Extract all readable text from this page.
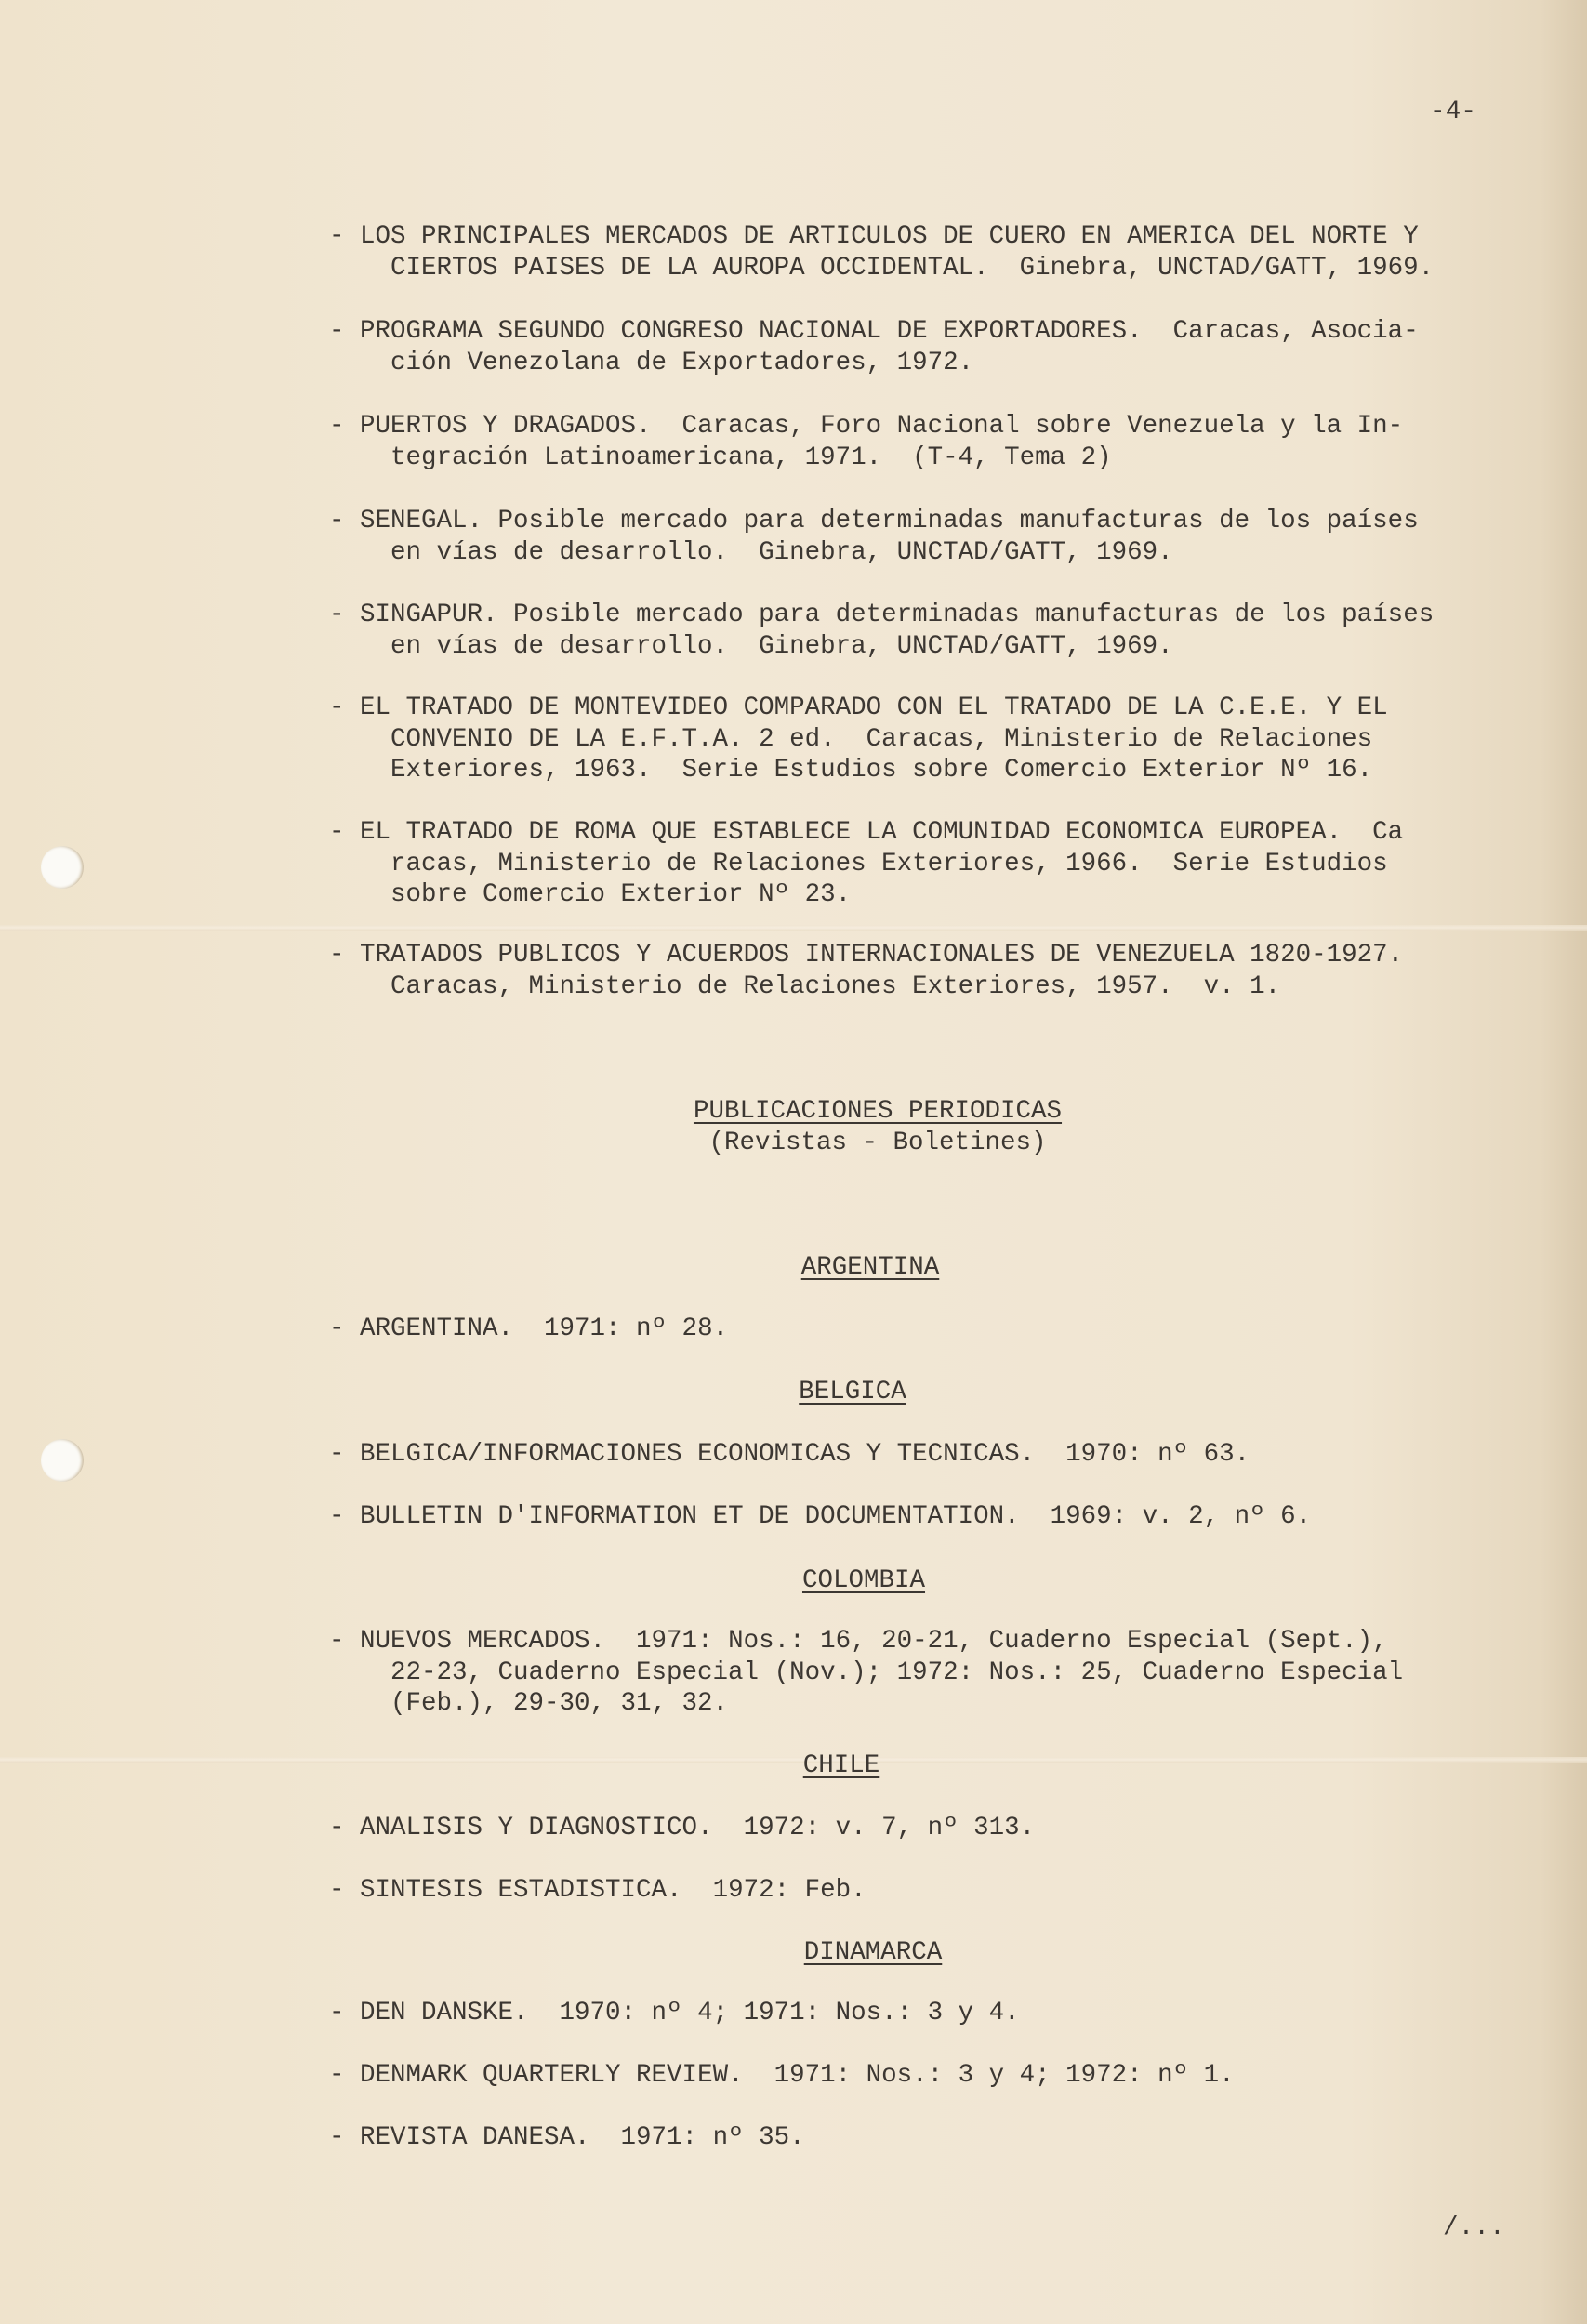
-4-
- LOS PRINCIPALES MERCADOS DE ARTICULOS DE CUERO EN AMERICA DEL NORTE Y
CIERTOS PAISES DE LA AUROPA OCCIDENTAL.  Ginebra, UNCTAD/GATT, 1969.
- PROGRAMA SEGUNDO CONGRESO NACIONAL DE EXPORTADORES.  Caracas, Asocia-
ción Venezolana de Exportadores, 1972.
- PUERTOS Y DRAGADOS.  Caracas, Foro Nacional sobre Venezuela y la In-
tegración Latinoamericana, 1971.  (T-4, Tema 2)
- SENEGAL. Posible mercado para determinadas manufacturas de los países
en vías de desarrollo.  Ginebra, UNCTAD/GATT, 1969.
- SINGAPUR. Posible mercado para determinadas manufacturas de los países
en vías de desarrollo.  Ginebra, UNCTAD/GATT, 1969.
- EL TRATADO DE MONTEVIDEO COMPARADO CON EL TRATADO DE LA C.E.E. Y EL
CONVENIO DE LA E.F.T.A. 2 ed.  Caracas, Ministerio de Relaciones
Exteriores, 1963.  Serie Estudios sobre Comercio Exterior Nº 16.
- EL TRATADO DE ROMA QUE ESTABLECE LA COMUNIDAD ECONOMICA EUROPEA.  Ca
racas, Ministerio de Relaciones Exteriores, 1966.  Serie Estudios
sobre Comercio Exterior Nº 23.
- TRATADOS PUBLICOS Y ACUERDOS INTERNACIONALES DE VENEZUELA 1820-1927.
Caracas, Ministerio de Relaciones Exteriores, 1957.  v. 1.
PUBLICACIONES PERIODICAS
(Revistas - Boletines)
ARGENTINA
- ARGENTINA.  1971: nº 28.
BELGICA
- BELGICA/INFORMACIONES ECONOMICAS Y TECNICAS.  1970: nº 63.
- BULLETIN D'INFORMATION ET DE DOCUMENTATION.  1969: v. 2, nº 6.
COLOMBIA
- NUEVOS MERCADOS.  1971: Nos.: 16, 20-21, Cuaderno Especial (Sept.),
22-23, Cuaderno Especial (Nov.); 1972: Nos.: 25, Cuaderno Especial
(Feb.), 29-30, 31, 32.
CHILE
- ANALISIS Y DIAGNOSTICO.  1972: v. 7, nº 313.
- SINTESIS ESTADISTICA.  1972: Feb.
DINAMARCA
- DEN DANSKE.  1970: nº 4; 1971: Nos.: 3 y 4.
- DENMARK QUARTERLY REVIEW.  1971: Nos.: 3 y 4; 1972: nº 1.
- REVISTA DANESA.  1971: nº 35.
/...
